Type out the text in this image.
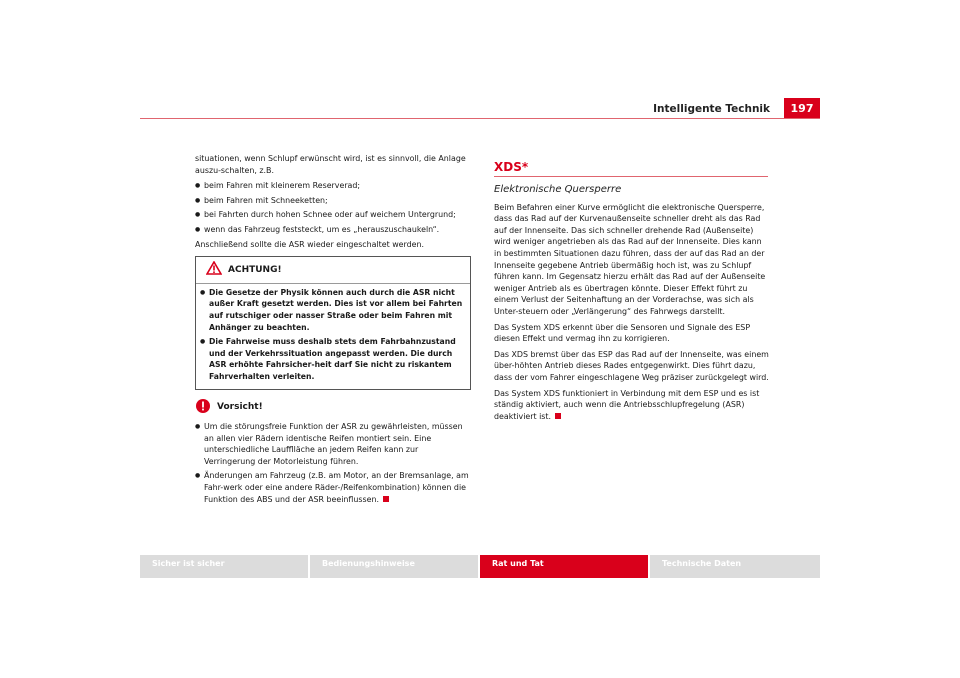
Intelligente Technik	197

situationen, wenn Schlupf erwünscht wird, ist es sinnvoll, die Anlage auszu-schalten, z.B.

● beim Fahren mit kleinerem Reserverad;
● beim Fahren mit Schneeketten;
● bei Fahrten durch hohen Schnee oder auf weichem Untergrund;
● wenn das Fahrzeug feststeckt, um es „herauszuschaukeln“.

Anschließend sollte die ASR wieder eingeschaltet werden.

ACHTUNG!
● Die Gesetze der Physik können auch durch die ASR nicht außer Kraft gesetzt werden. Dies ist vor allem bei Fahrten auf rutschiger oder nasser Straße oder beim Fahren mit Anhänger zu beachten.
● Die Fahrweise muss deshalb stets dem Fahrbahnzustand und der Verkehrssituation angepasst werden. Die durch ASR erhöhte Fahrsicher-heit darf Sie nicht zu riskantem Fahrverhalten verleiten.
Vorsicht!
● Um die störungsfreie Funktion der ASR zu gewährleisten, müssen an allen vier Rädern identische Reifen montiert sein. Eine unterschiedliche Laufflläche an jedem Reifen kann zur Verringerung der Motorleistung führen.
● Änderungen am Fahrzeug (z.B. am Motor, an der Bremsanlage, am Fahr-werk oder eine andere Räder-/Reifenkombination) können die Funktion des ABS und der ASR beeinflussen.
XDS*
Elektronische Quersperre

Beim Befahren einer Kurve ermöglicht die elektronische Quersperre, dass das Rad auf der Kurvenaußenseite schneller dreht als das Rad auf der Innenseite. Das sich schneller drehende Rad (Außenseite) wird weniger angetrieben als das Rad auf der Innenseite. Dies kann in bestimmten Situationen dazu führen, dass der auf das Rad an der Innenseite gegebene Antrieb übermäßig hoch ist, was zu Schlupf führen kann. Im Gegensatz hierzu erhält das Rad auf der Außenseite weniger Antrieb als es übertragen könnte. Dieser Effekt führt zu einem Verlust der Seitenhaftung an der Vorderachse, was sich als Unter-steuern oder „Verlängerung“ des Fahrwegs darstellt.

Das System XDS erkennt über die Sensoren und Signale des ESP diesen Effekt und vermag ihn zu korrigieren.

Das XDS bremst über das ESP das Rad auf der Innenseite, was einem über-höhten Antrieb dieses Rades entgegenwirkt. Dies führt dazu, dass der vom Fahrer eingeschlagene Weg präziser zurückgelegt wird.

Das System XDS funktioniert in Verbindung mit dem ESP und es ist ständig aktiviert, auch wenn die Antriebsschlupfregelung (ASR) deaktiviert ist.

Sicher ist sicher	Bedienungshinweise	Rat und Tat	Technische Daten
